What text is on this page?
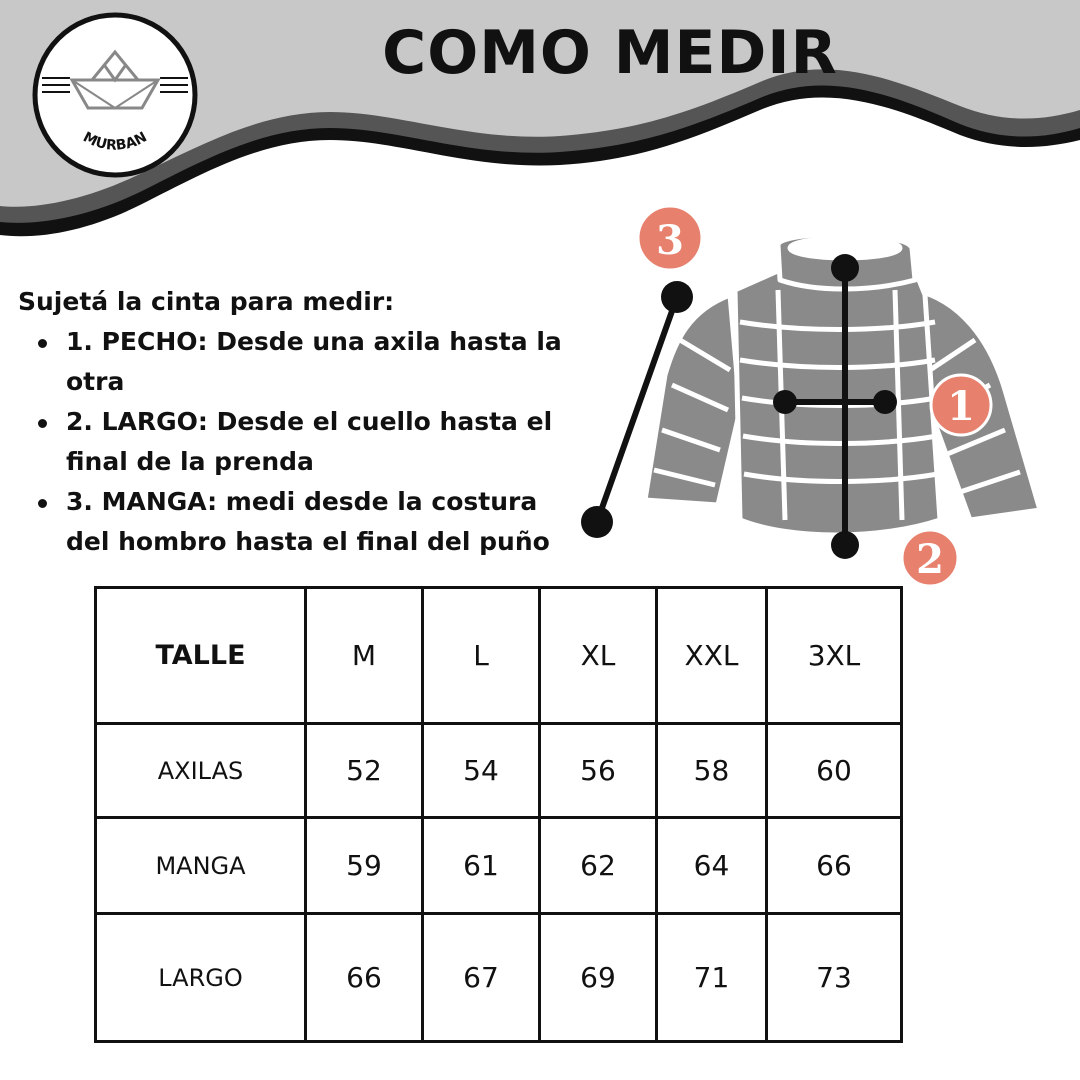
MURBAN
COMO MEDIR
Sujetá la cinta para medir:
1. PECHO: Desde una axila hasta la otra
2. LARGO: Desde el cuello hasta el final de la prenda
3. MANGA: medi desde la costura del hombro hasta el final del puño
1
2
3
TALLE	M	L	XL	XXL	3XL
AXILAS	52	54	56	58	60
MANGA	59	61	62	64	66
LARGO	66	67	69	71	73
